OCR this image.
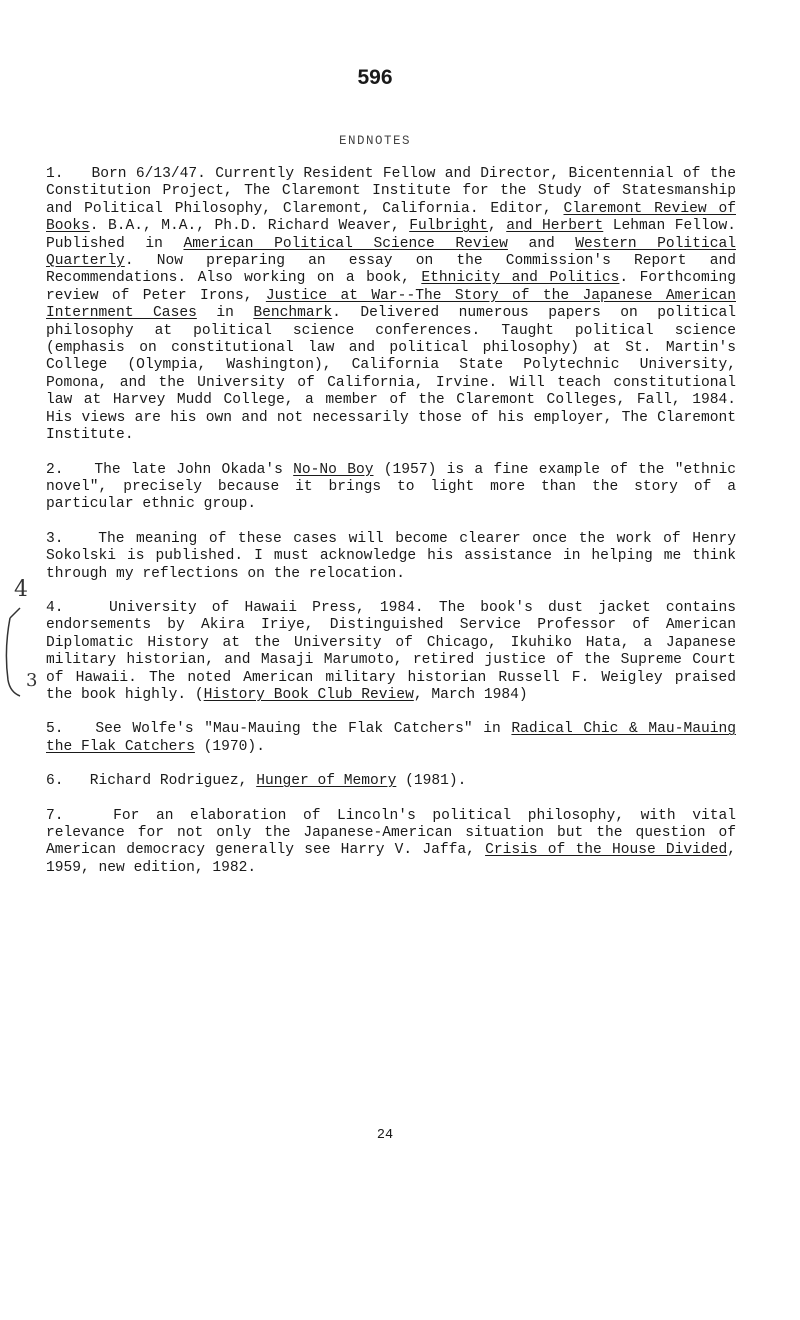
596
ENDNOTES

1. Born 6/13/47. Currently Resident Fellow and Director, Bicentennial of the Constitution Project, The Claremont Institute for the Study of Statesmanship and Political Philosophy, Claremont, California. Editor, Claremont Review of Books. B.A., M.A., Ph.D. Richard Weaver, Fulbright, and Herbert Lehman Fellow. Published in American Political Science Review and Western Political Quarterly. Now preparing an essay on the Commission's Report and Recommendations. Also working on a book, Ethnicity and Politics. Forthcoming review of Peter Irons, Justice at War--The Story of the Japanese American Internment Cases in Benchmark. Delivered numerous papers on political philosophy at political science conferences. Taught political science (emphasis on constitutional law and political philosophy) at St. Martin's College (Olympia, Washington), California State Polytechnic University, Pomona, and the University of California, Irvine. Will teach constitutional law at Harvey Mudd College, a member of the Claremont Colleges, Fall, 1984. His views are his own and not necessarily those of his employer, The Claremont Institute.

2. The late John Okada's No-No Boy (1957) is a fine example of the "ethnic novel", precisely because it brings to light more than the story of a particular ethnic group.

3. The meaning of these cases will become clearer once the work of Henry Sokolski is published. I must acknowledge his assistance in helping me think through my reflections on the relocation.

4.	University of Hawaii Press, 1984. The book's dust jacket contains endorsements by Akira Iriye, Distinguished Service Professor of American Diplomatic History at the University of Chicago, Ikuhiko Hata, a Japanese military historian, and Masaji Marumoto, retired justice of the Supreme Court of Hawaii. The noted American military historian Russell F. Weigley praised the book highly. (History Book Club Review, March 1984)

5. See Wolfe's "Mau-Mauing the Flak Catchers" in Radical Chic & Mau-Mauing the Flak Catchers (1970).

6. Richard Rodriguez, Hunger of Memory (1981).

7.	For an elaboration of Lincoln's political philosophy, with vital relevance for not only the Japanese-American situation but the question of American democracy generally see Harry V. Jaffa, Crisis of the House Divided, 1959, new edition, 1982.

4
3
24
